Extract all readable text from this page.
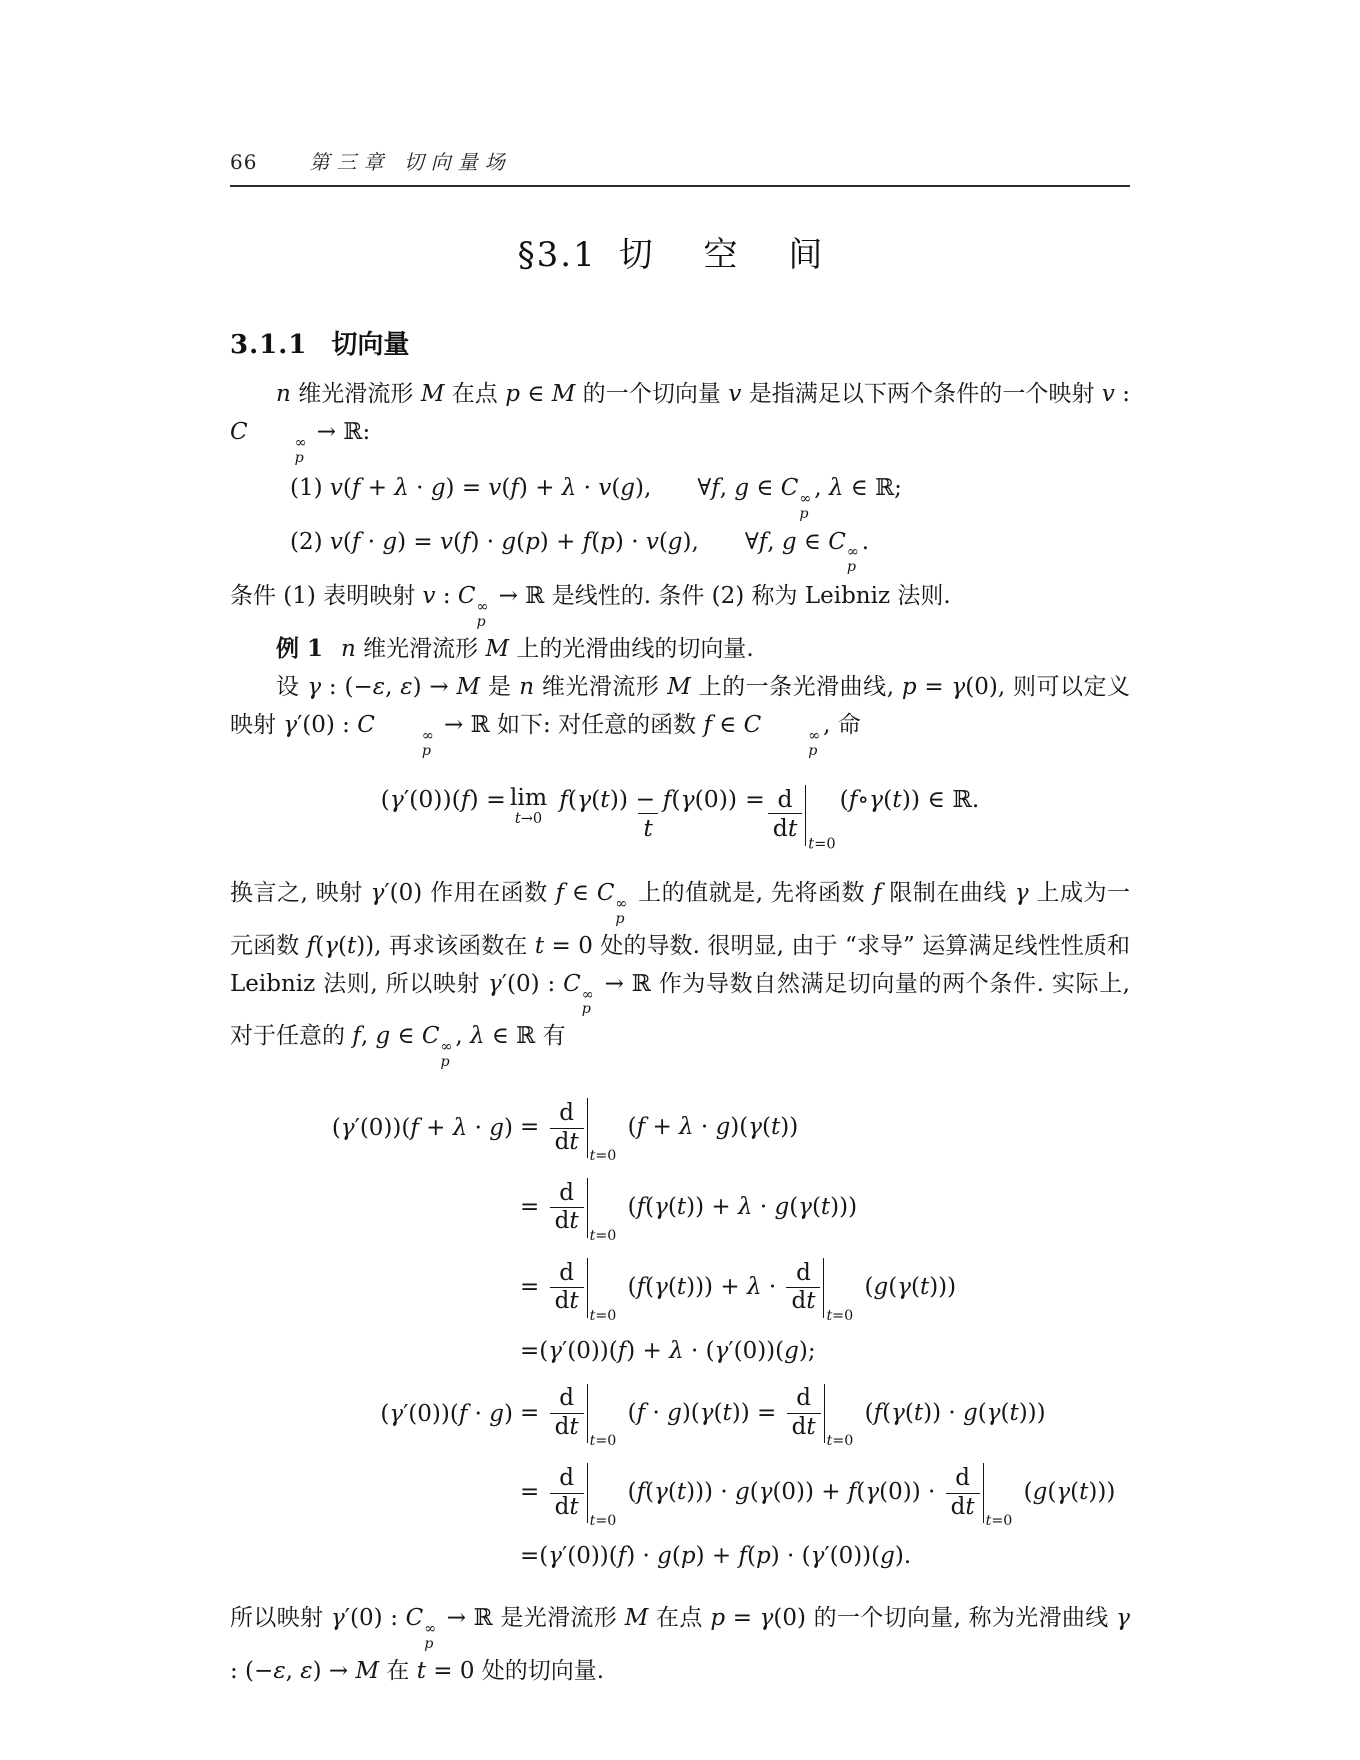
66	第三章 切向量场
§3.1 切 空 间
3.1.1 切向量

n 维光滑流形 M 在点 p ∈ M 的一个切向量 v 是指满足以下两个条件的一个映射 v : C	∞
p
→ ℝ:

(1) v(f + λ · g) = v(f) + λ · v(g),  ∀f, g ∈ C ∞
p
, λ ∈ ℝ;
(2) v(f · g) = v(f) · g(p) + f(p) · v(g),  ∀f, g ∈ C ∞
p
.

条件 (1) 表明映射 v : C ∞
p
→ ℝ 是线性的. 条件 (2) 称为 Leibniz 法则.

例 1 n 维光滑流形 M 上的光滑曲线的切向量.

设 γ : (−ε, ε) → M 是 n 维光滑流形 M 上的一条光滑曲线, p = γ(0), 则可以定义映射 γ′(0) : C	∞
p
→ ℝ 如下: 对任意的函数 f ∈ C	∞
p
, 命

( γ ′(0))( f ) = lim
$t\to 0 \frac{f(\gamma(t)) - f(\gamma(0))}{t} = \frac{d}{dt} t=0$
( f ∘ γ ( t )) ∈ ℝ.

换言之, 映射 γ′(0) 作用在函数 f ∈ C ∞
p
上的值就是, 先将函数 f 限制在曲线 γ 上成为一元函数 f(γ(t)), 再求该函数在 t = 0 处的导数. 很明显, 由于 “求导” 运算满足线性性质和 Leibniz 法则, 所以映射 γ′(0) : C ∞
p
→ ℝ 作为导数自然满足切向量的两个条件. 实际上, 对于任意的 f, g ∈ C ∞
p
, λ ∈ ℝ 有

$(\gamma'(0))(f + \lambda \cdot g) = \frac{d}{dt} t=0$
(f + λ · g)(γ(t))
= $\frac{d}{dt} t=0$
(f(γ(t)) + λ · g(γ(t)))
= $\frac{d}{dt} t=0$
$(f(\gamma(t))) + \lambda \cdot \frac{d}{dt} t=0$
(g(γ(t)))
=(γ′(0))(f) + λ · (γ′(0))(g);
$(\gamma'(0))(f \cdot g) = \frac{d}{dt} t=0$
$(f \cdot g)(\gamma(t)) = \frac{d}{dt} t=0$
(f(γ(t)) · g(γ(t)))
= $\frac{d}{dt} t=0$
$(f(\gamma(t))) \cdot g(\gamma(0)) + f(\gamma(0)) \cdot \frac{d}{dt} t=0$
(g(γ(t)))
=(γ′(0))(f) · g(p) + f(p) · (γ′(0))(g).

所以映射 γ′(0) : C ∞
p
→ ℝ 是光滑流形 M 在点 p = γ(0) 的一个切向量, 称为光滑曲线 γ : (−ε, ε) → M 在 t = 0 处的切向量.
